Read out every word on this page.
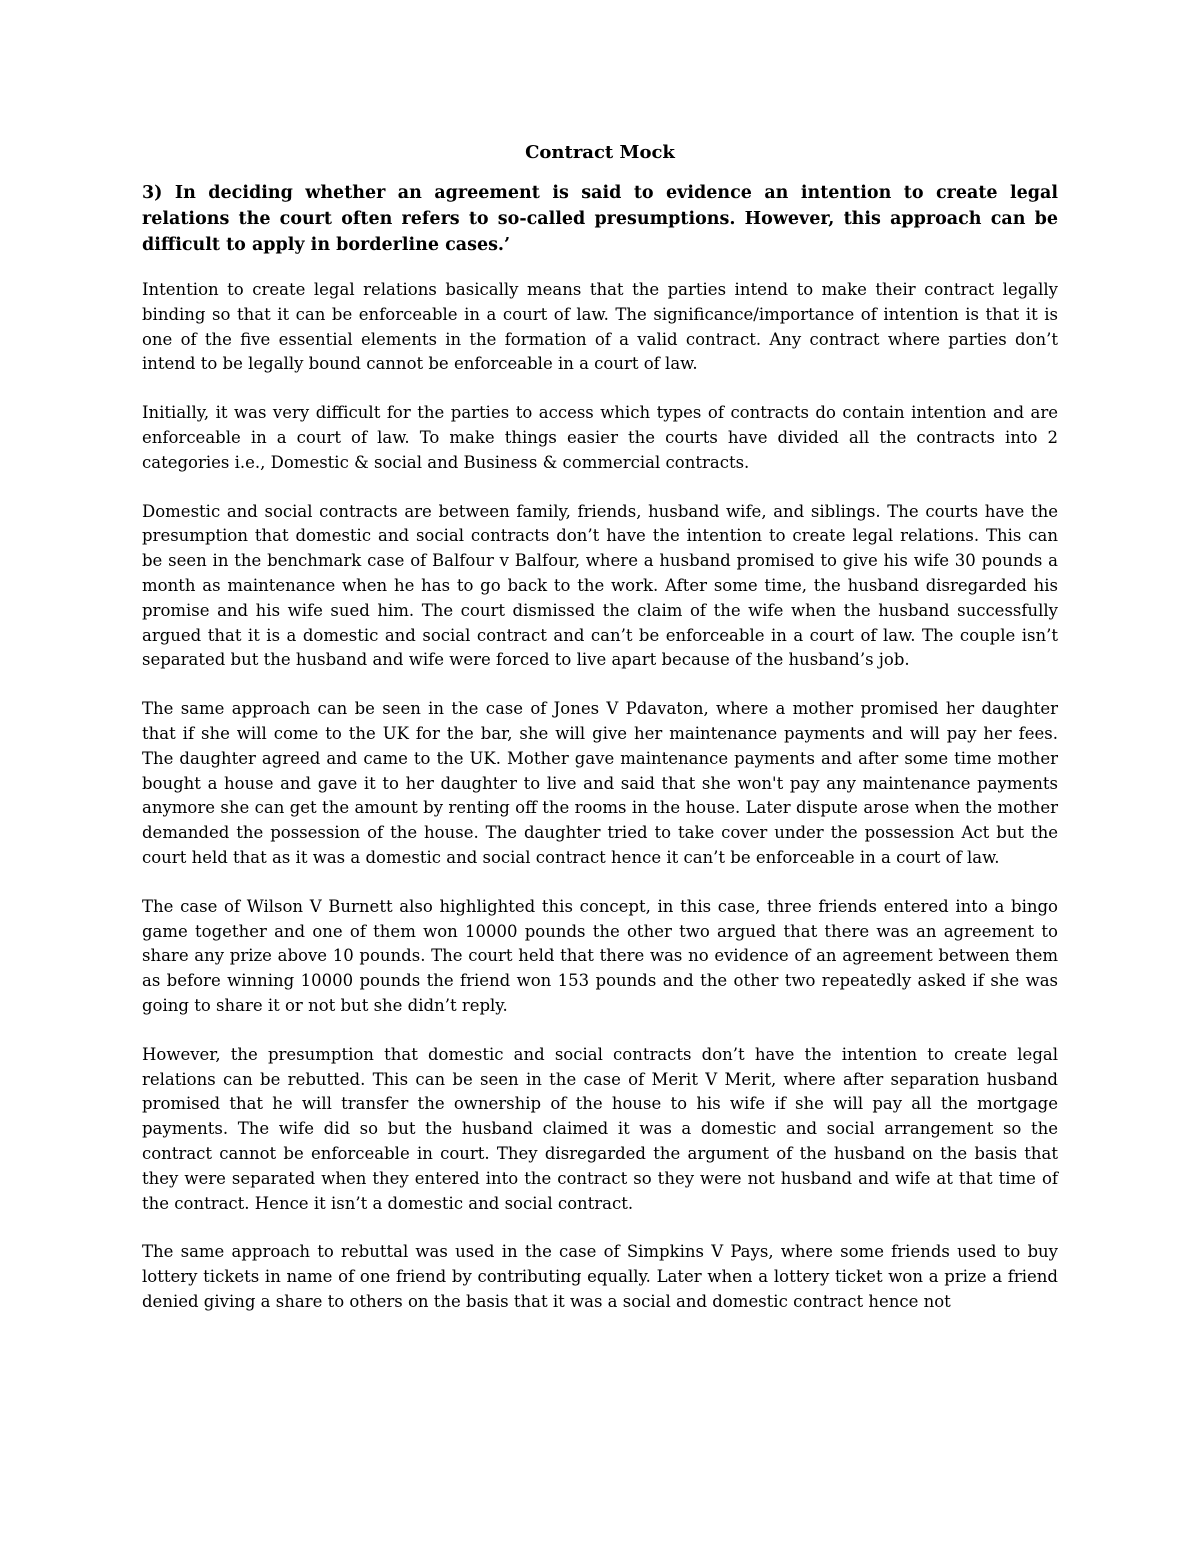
Contract Mock
3) In deciding whether an agreement is said to evidence an intention to create legal relations the court often refers to so-called presumptions. However, this approach can be difficult to apply in borderline cases.’

Intention to create legal relations basically means that the parties intend to make their contract legally binding so that it can be enforceable in a court of law. The significance/importance of intention is that it is one of the five essential elements in the formation of a valid contract. Any contract where parties don’t intend to be legally bound cannot be enforceable in a court of law.

Initially, it was very difficult for the parties to access which types of contracts do contain intention and are enforceable in a court of law. To make things easier the courts have divided all the contracts into 2 categories i.e., Domestic & social and Business & commercial contracts.

Domestic and social contracts are between family, friends, husband wife, and siblings. The courts have the presumption that domestic and social contracts don’t have the intention to create legal relations. This can be seen in the benchmark case of Balfour v Balfour, where a husband promised to give his wife 30 pounds a month as maintenance when he has to go back to the work. After some time, the husband disregarded his promise and his wife sued him. The court dismissed the claim of the wife when the husband successfully argued that it is a domestic and social contract and can’t be enforceable in a court of law. The couple isn’t separated but the husband and wife were forced to live apart because of the husband’s job.

The same approach can be seen in the case of Jones V Pdavaton, where a mother promised her daughter that if she will come to the UK for the bar, she will give her maintenance payments and will pay her fees. The daughter agreed and came to the UK. Mother gave maintenance payments and after some time mother bought a house and gave it to her daughter to live and said that she won't pay any maintenance payments anymore she can get the amount by renting off the rooms in the house. Later dispute arose when the mother demanded the possession of the house. The daughter tried to take cover under the possession Act but the court held that as it was a domestic and social contract hence it can’t be enforceable in a court of law.

The case of Wilson V Burnett also highlighted this concept, in this case, three friends entered into a bingo game together and one of them won 10000 pounds the other two argued that there was an agreement to share any prize above 10 pounds. The court held that there was no evidence of an agreement between them as before winning 10000 pounds the friend won 153 pounds and the other two repeatedly asked if she was going to share it or not but she didn’t reply.

However, the presumption that domestic and social contracts don’t have the intention to create legal relations can be rebutted. This can be seen in the case of Merit V Merit, where after separation husband promised that he will transfer the ownership of the house to his wife if she will pay all the mortgage payments. The wife did so but the husband claimed it was a domestic and social arrangement so the contract cannot be enforceable in court. They disregarded the argument of the husband on the basis that they were separated when they entered into the contract so they were not husband and wife at that time of the contract. Hence it isn’t a domestic and social contract.

The same approach to rebuttal was used in the case of Simpkins V Pays, where some friends used to buy lottery tickets in name of one friend by contributing equally. Later when a lottery ticket won a prize a friend denied giving a share to others on the basis that it was a social and domestic contract hence not
